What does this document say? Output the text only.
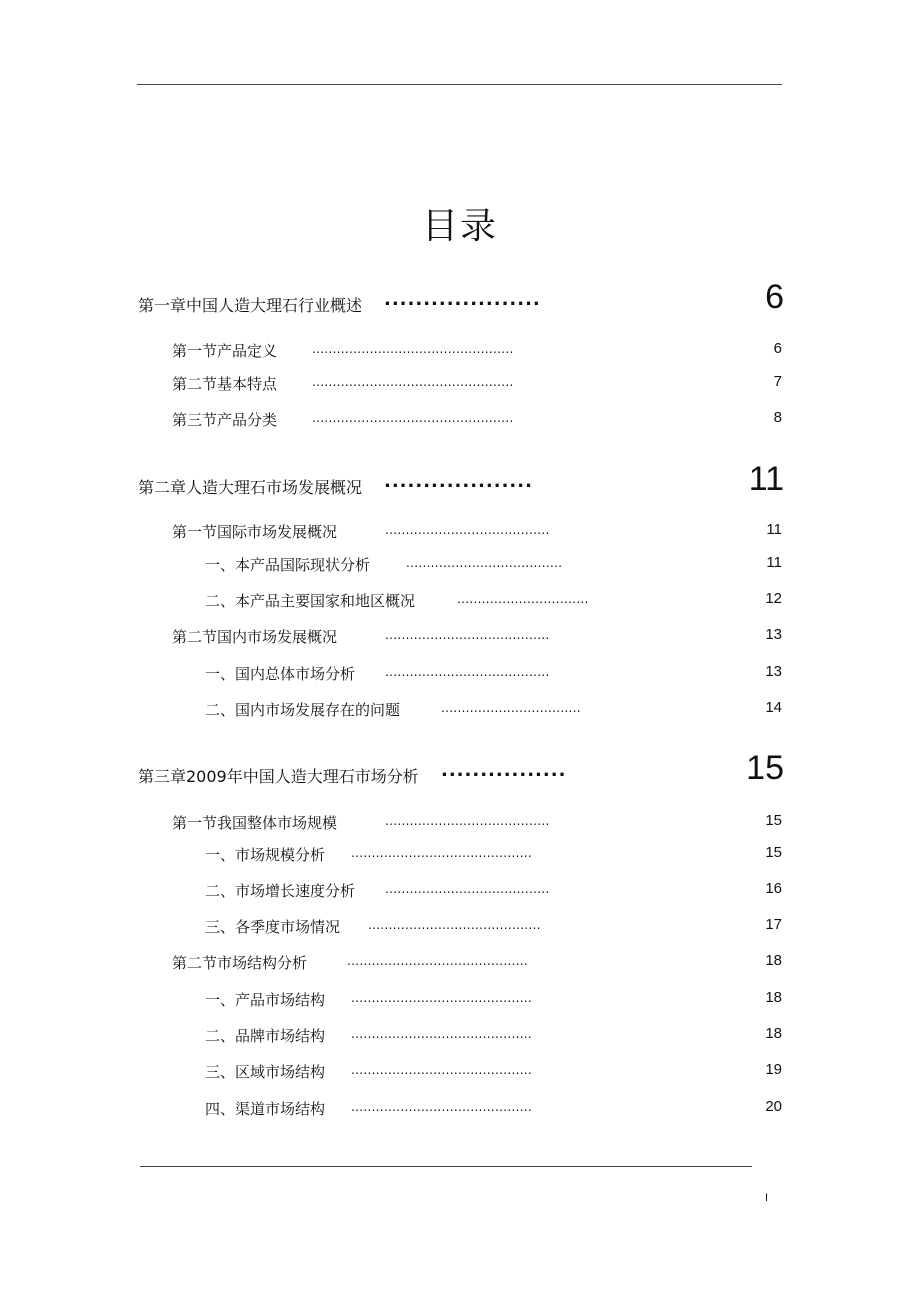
目录
第一章中国人造大理石行业概述 ....................	6
第一节产品定义	.................................................	6
第二节基本特点	.................................................	7
第三节产品分类	.................................................	8
第二章人造大理石市场发展概况 ...................	11
第一节国际市场发展概况	........................................	11
一、本产品国际现状分析	......................................	11
二、本产品主要国家和地区概况	................................	12
第二节国内市场发展概况	........................................	13
一、国内总体市场分析 ........................................	13
二、国内市场发展存在的问题	..................................	14
第三章2009年中国人造大理石市场分析 ................	15
第一节我国整体市场规模	........................................	15
一、市场规模分析 ............................................	15
二、市场增长速度分析 ........................................	16
三、各季度市场情况 ..........................................	17
第二节市场结构分析	............................................	18
一、产品市场结构 ............................................	18
二、品牌市场结构 ............................................	18
三、区域市场结构 ............................................	19
四、渠道市场结构 ............................................	20
I
